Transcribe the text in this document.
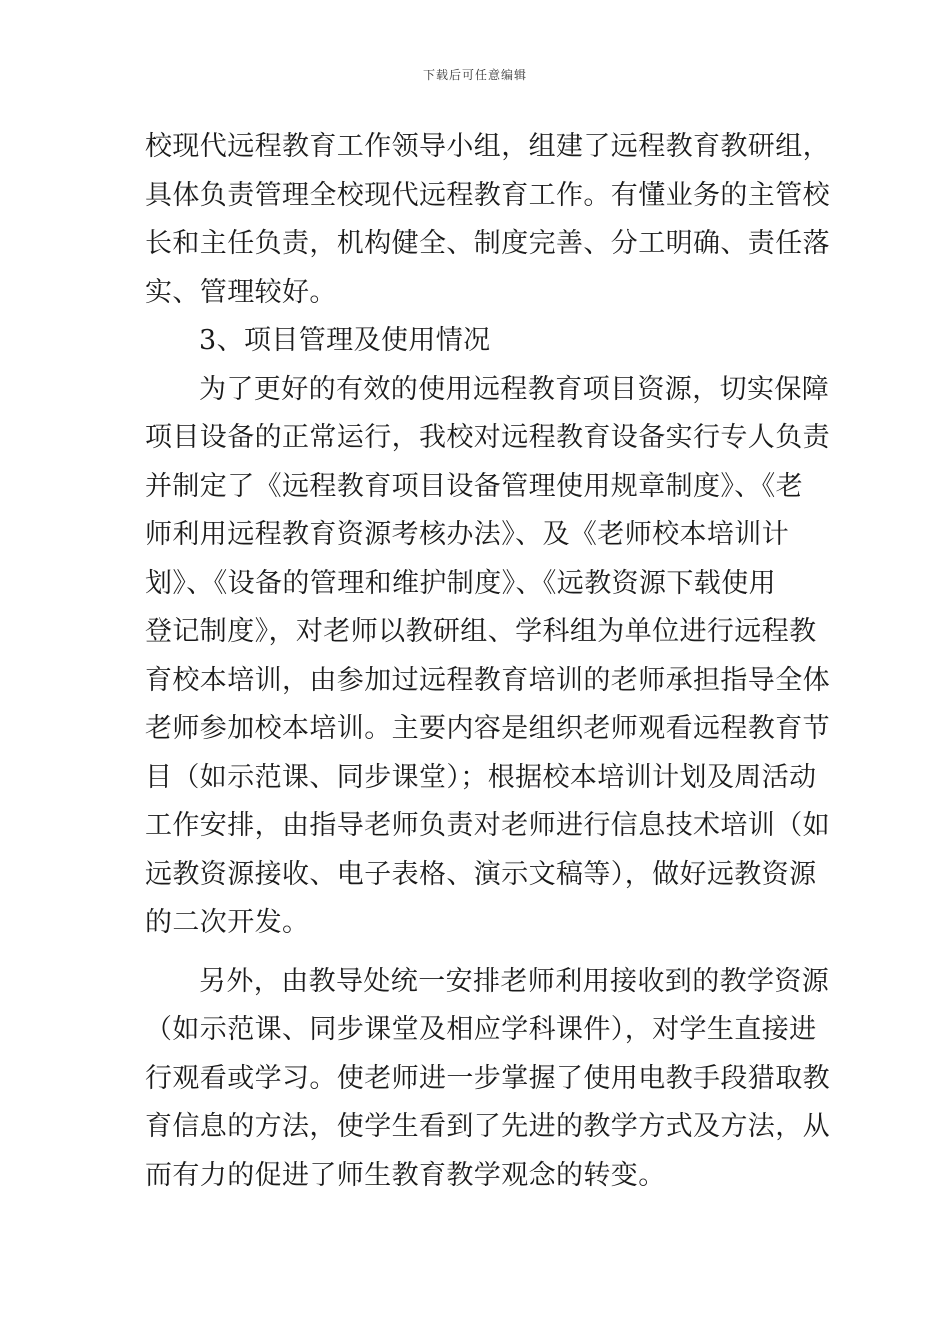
下载后可任意编辑
校现代远程教育工作领导小组，组建了远程教育教研组，
具体负责管理全校现代远程教育工作。有懂业务的主管校
长和主任负责，机构健全、制度完善、分工明确、责任落
实、管理较好。
3、项目管理及使用情况
为了更好的有效的使用远程教育项目资源，切实保障
项目设备的正常运行，我校对远程教育设备实行专人负责
并制定了《远程教育项目设备管理使用规章制度》、《老
师利用远程教育资源考核办法》、及《老师校本培训计
划》、《设备的管理和维护制度》、《远教资源下载使用
登记制度》，对老师以教研组、学科组为单位进行远程教
育校本培训，由参加过远程教育培训的老师承担指导全体
老师参加校本培训。主要内容是组织老师观看远程教育节
目（如示范课、同步课堂）；根据校本培训计划及周活动
工作安排，由指导老师负责对老师进行信息技术培训（如
远教资源接收、电子表格、演示文稿等），做好远教资源
的二次开发。
另外，由教导处统一安排老师利用接收到的教学资源
（如示范课、同步课堂及相应学科课件），对学生直接进
行观看或学习。使老师进一步掌握了使用电教手段猎取教
育信息的方法，使学生看到了先进的教学方式及方法，从
而有力的促进了师生教育教学观念的转变。
